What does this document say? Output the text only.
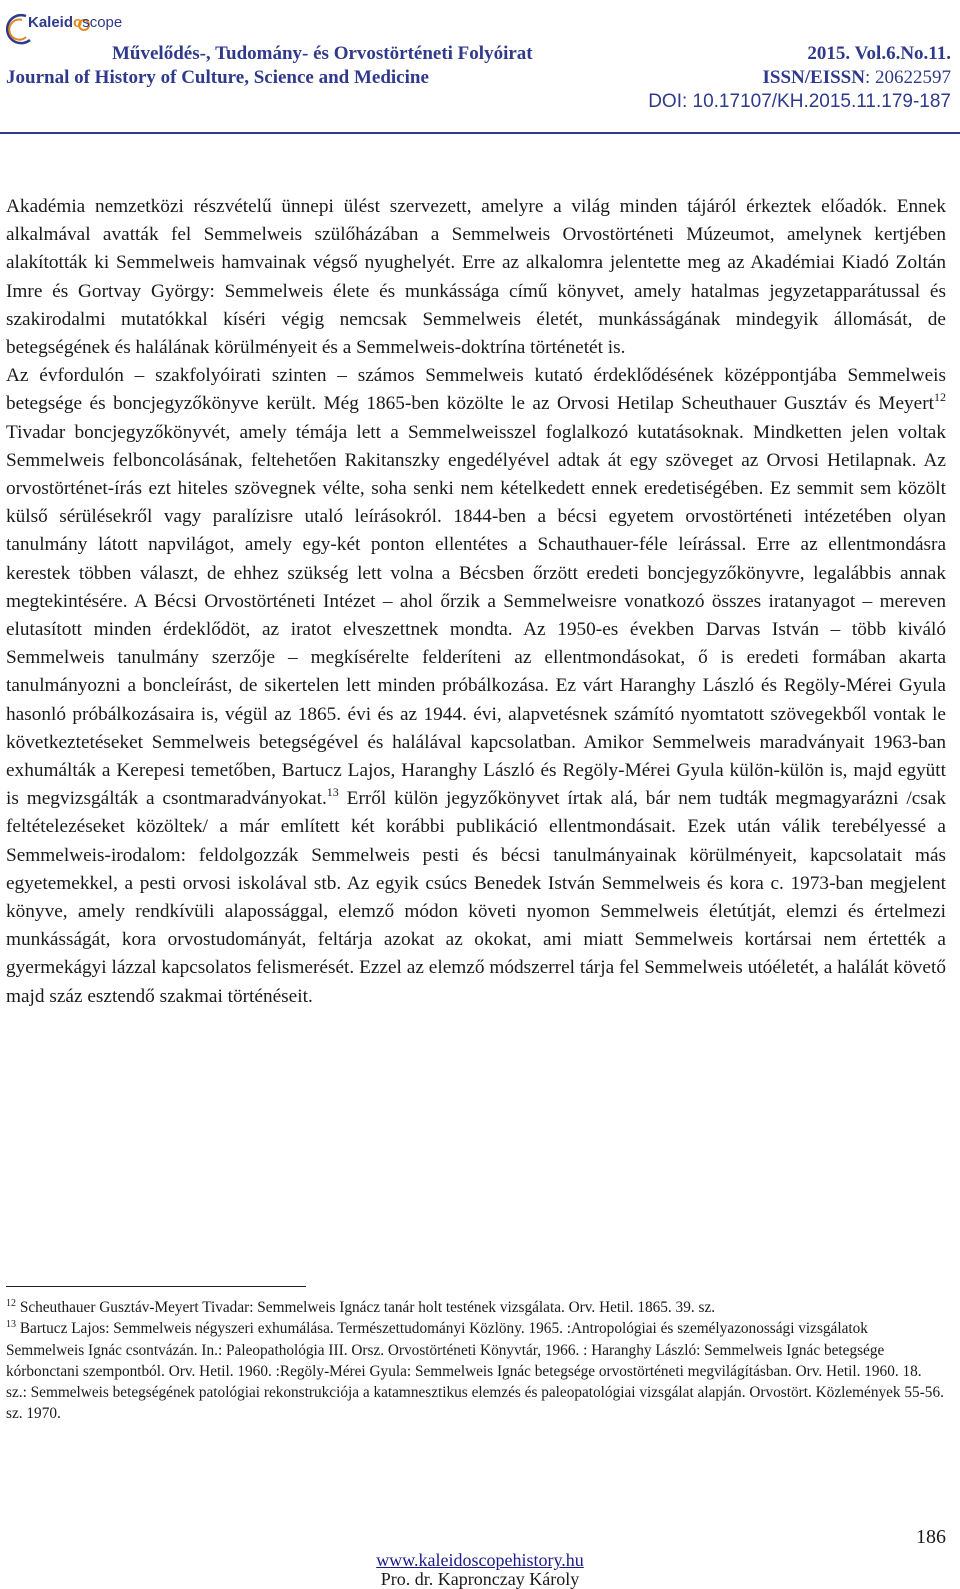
Kaleidoscope
Művelődés-, Tudomány- és Orvostörténeti Folyóirat
Journal of History of Culture, Science and Medicine
2015. Vol.6.No.11.
ISSN/EISSN: 20622597
DOI: 10.17107/KH.2015.11.179-187

Akadémia nemzetközi részvételű ünnepi ülést szervezett, amelyre a világ minden tájáról érkeztek előadók. Ennek alkalmával avatták fel Semmelweis szülőházában a Semmelweis Orvostörténeti Múzeumot, amelynek kertjében alakították ki Semmelweis hamvainak végső nyughelyét. Erre az alkalomra jelentette meg az Akadémiai Kiadó Zoltán Imre és Gortvay György: Semmelweis élete és munkássága című könyvet, amely hatalmas jegyzetapparátussal és szakirodalmi mutatókkal kíséri végig nemcsak Semmelweis életét, munkásságának mindegyik állomását, de betegségének és halálának körülményeit és a Semmelweis-doktrína történetét is.

Az évfordulón – szakfolyóirati szinten – számos Semmelweis kutató érdeklődésének középpontjába Semmelweis betegsége és boncjegyzőkönyve került. Még 1865-ben közölte le az Orvosi Hetilap Scheuthauer Gusztáv és Meyert$^{12}$ Tivadar boncjegyzőkönyvét, amely témája lett a Semmelweisszel foglalkozó kutatásoknak. Mindketten jelen voltak Semmelweis felboncolásának, feltehetően Rakitanszky engedélyével adtak át egy szöveget az Orvosi Hetilapnak. Az orvostörténet-írás ezt hiteles szövegnek vélte, soha senki nem kételkedett ennek eredetiségében. Ez semmit sem közölt külső sérülésekről vagy paralízisre utaló leírásokról. 1844-ben a bécsi egyetem orvostörténeti intézetében olyan tanulmány látott napvilágot, amely egy-két ponton ellentétes a Schauthauer-féle leírással. Erre az ellentmondásra kerestek többen választ, de ehhez szükség lett volna a Bécsben őrzött eredeti boncjegyzőkönyvre, legalábbis annak megtekintésére. A Bécsi Orvostörténeti Intézet – ahol őrzik a Semmelweisre vonatkozó összes iratanyagot – mereven elutasított minden érdeklődöt, az iratot elveszettnek mondta. Az 1950-es években Darvas István – több kiváló Semmelweis tanulmány szerzője – megkísérelte felderíteni az ellentmondásokat, ő is eredeti formában akarta tanulmányozni a boncleírást, de sikertelen lett minden próbálkozása. Ez várt Haranghy László és Regöly-Mérei Gyula hasonló próbálkozásaira is, végül az 1865. évi és az 1944. évi, alapvetésnek számító nyomtatott szövegekből vontak le következtetéseket Semmelweis betegségével és halálával kapcsolatban. Amikor Semmelweis maradványait 1963-ban exhumálták a Kerepesi temetőben, Bartucz Lajos, Haranghy László és Regöly-Mérei Gyula külön-külön is, majd együtt is megvizsgálták a csontmaradványokat.$^{13}$ Erről külön jegyzőkönyvet írtak alá, bár nem tudták megmagyarázni /csak feltételezéseket közöltek/ a már említett két korábbi publikáció ellentmondásait. Ezek után válik terebélyessé a Semmelweis-irodalom: feldolgozzák Semmelweis pesti és bécsi tanulmányainak körülményeit, kapcsolatait más egyetemekkel, a pesti orvosi iskolával stb. Az egyik csúcs Benedek István Semmelweis és kora c. 1973-ban megjelent könyve, amely rendkívüli alapossággal, elemző módon követi nyomon Semmelweis életútját, elemzi és értelmezi munkásságát, kora orvostudományát, feltárja azokat az okokat, ami miatt Semmelweis kortársai nem értették a gyermekágyi lázzal kapcsolatos felismerését. Ezzel az elemző módszerrel tárja fel Semmelweis utóéletét, a halálát követő majd száz esztendő szakmai történéseit.

$^{12}$ Scheuthauer Gusztáv-Meyert Tivadar: Semmelweis Ignácz tanár holt testének vizsgálata. Orv. Hetil. 1865. 39. sz.

$^{13}$ Bartucz Lajos: Semmelweis négyszeri exhumálása. Természettudományi Közlöny. 1965. :Antropológiai és személyazonossági vizsgálatok Semmelweis Ignác csontvázán. In.: Paleopathológia III. Orsz. Orvostörténeti Könyvtár, 1966. : Haranghy László: Semmelweis Ignác betegsége kórbonctani szempontból. Orv. Hetil. 1960. :Regöly-Mérei Gyula: Semmelweis Ignác betegsége orvostörténeti megvilágításban. Orv. Hetil. 1960. 18. sz.: Semmelweis betegségének patológiai rekonstrukciója a katamnesztikus elemzés és paleopatológiai vizsgálat alapján. Orvostört. Közlemények 55-56. sz. 1970.

186
www.kaleidoscopehistory.hu
Pro. dr. Kapronczay Károly
